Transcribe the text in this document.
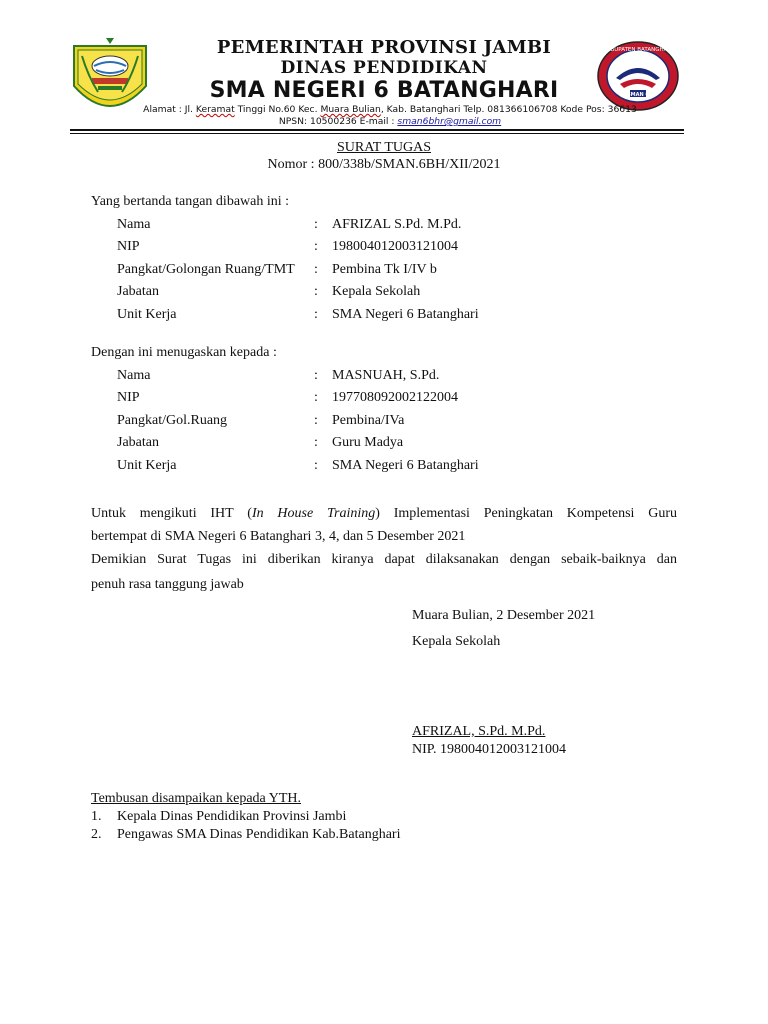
KABUPATEN BATANGHARI
SMAN 6
PEMERINTAH PROVINSI JAMBI
DINAS PENDIDIKAN
SMA NEGERI 6 BATANGHARI
Alamat : Jl. Keramat Tinggi No.60 Kec. Muara Bulian, Kab. Batanghari Telp. 081366106708 Kode Pos: 36613
NPSN: 10500236 E-mail : sman6bhr@gmail.com
SURAT TUGAS
Nomor : 800/338b/SMAN.6BH/XII/2021
Yang bertanda tangan dibawah ini :
Nama	: AFRIZAL S.Pd. M.Pd.
NIP	: 198004012003121004
Pangkat/Golongan Ruang/TMT : Pembina Tk I/IV b
Jabatan	: Kepala Sekolah
Unit Kerja	: SMA Negeri 6 Batanghari
Dengan ini menugaskan kepada :
Nama	: MASNUAH, S.Pd.
NIP	: 197708092002122004
Pangkat/Gol.Ruang	: Pembina/IVa
Jabatan	: Guru Madya
Unit Kerja	: SMA Negeri 6 Batanghari
Untuk mengikuti IHT (In House Training) Implementasi Peningkatan Kompetensi Guru
bertempat di SMA Negeri 6 Batanghari 3, 4, dan 5 Desember 2021
Demikian Surat Tugas ini diberikan kiranya dapat dilaksanakan dengan sebaik-baiknya dan
penuh rasa tanggung jawab
Muara Bulian, 2 Desember 2021
Kepala Sekolah
AFRIZAL, S.Pd. M.Pd.
NIP. 198004012003121004
Tembusan disampaikan kepada YTH.
1. Kepala Dinas Pendidikan Provinsi Jambi
2. Pengawas SMA Dinas Pendidikan Kab.Batanghari
